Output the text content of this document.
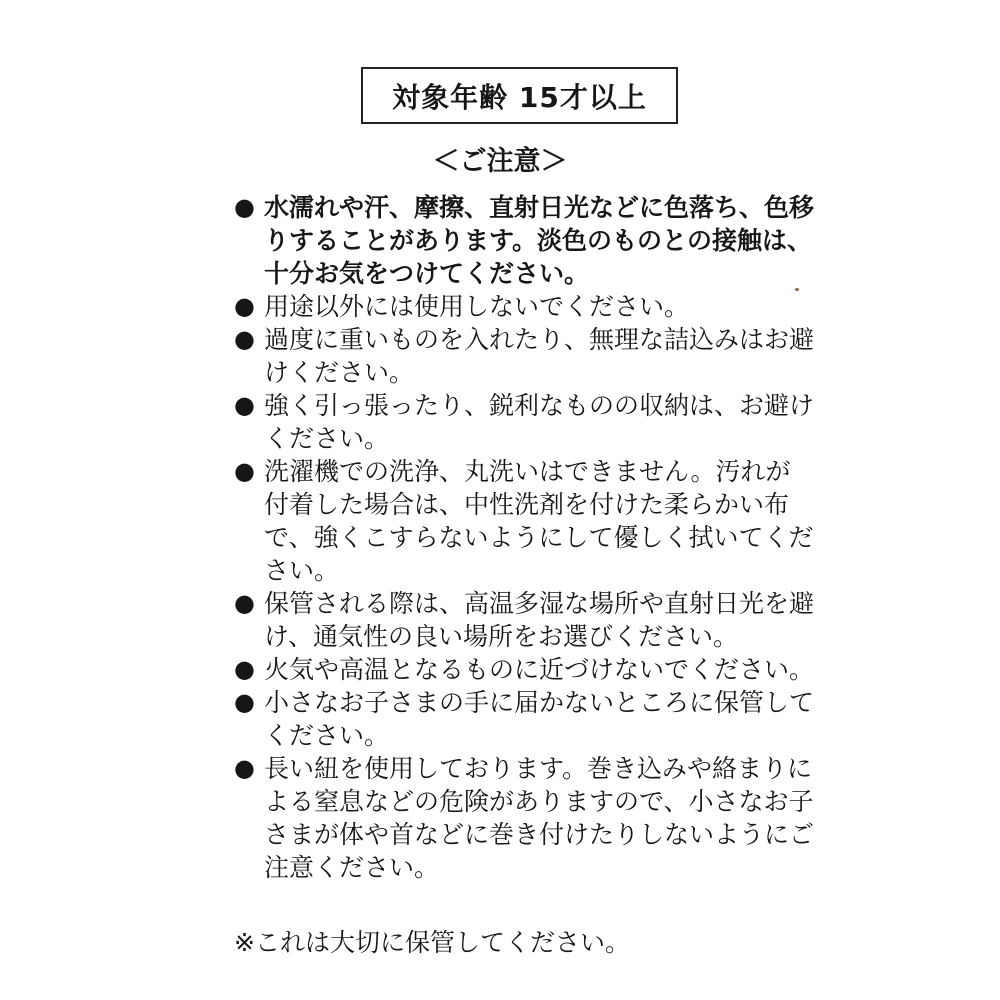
対象年齢 15才以上
＜ご注意＞
● 水濡れや汗、摩擦、直射日光などに色落ち、色移りすることがあります。淡色のものとの接触は、十分お気をつけてください。
● 用途以外には使用しないでください。
● 過度に重いものを入れたり、無理な詰込みはお避けください。
● 強く引っ張ったり、鋭利なものの収納は、お避けください。
● 洗濯機での洗浄、丸洗いはできません。汚れが付着した場合は、中性洗剤を付けた柔らかい布で、強くこすらないようにして優しく拭いてください。
● 保管される際は、高温多湿な場所や直射日光を避け、通気性の良い場所をお選びください。
● 火気や高温となるものに近づけないでください。
● 小さなお子さまの手に届かないところに保管してください。
● 長い紐を使用しております。巻き込みや絡まりによる窒息などの危険がありますので、小さなお子さまが体や首などに巻き付けたりしないようにご注意ください。
※これは大切に保管してください。
